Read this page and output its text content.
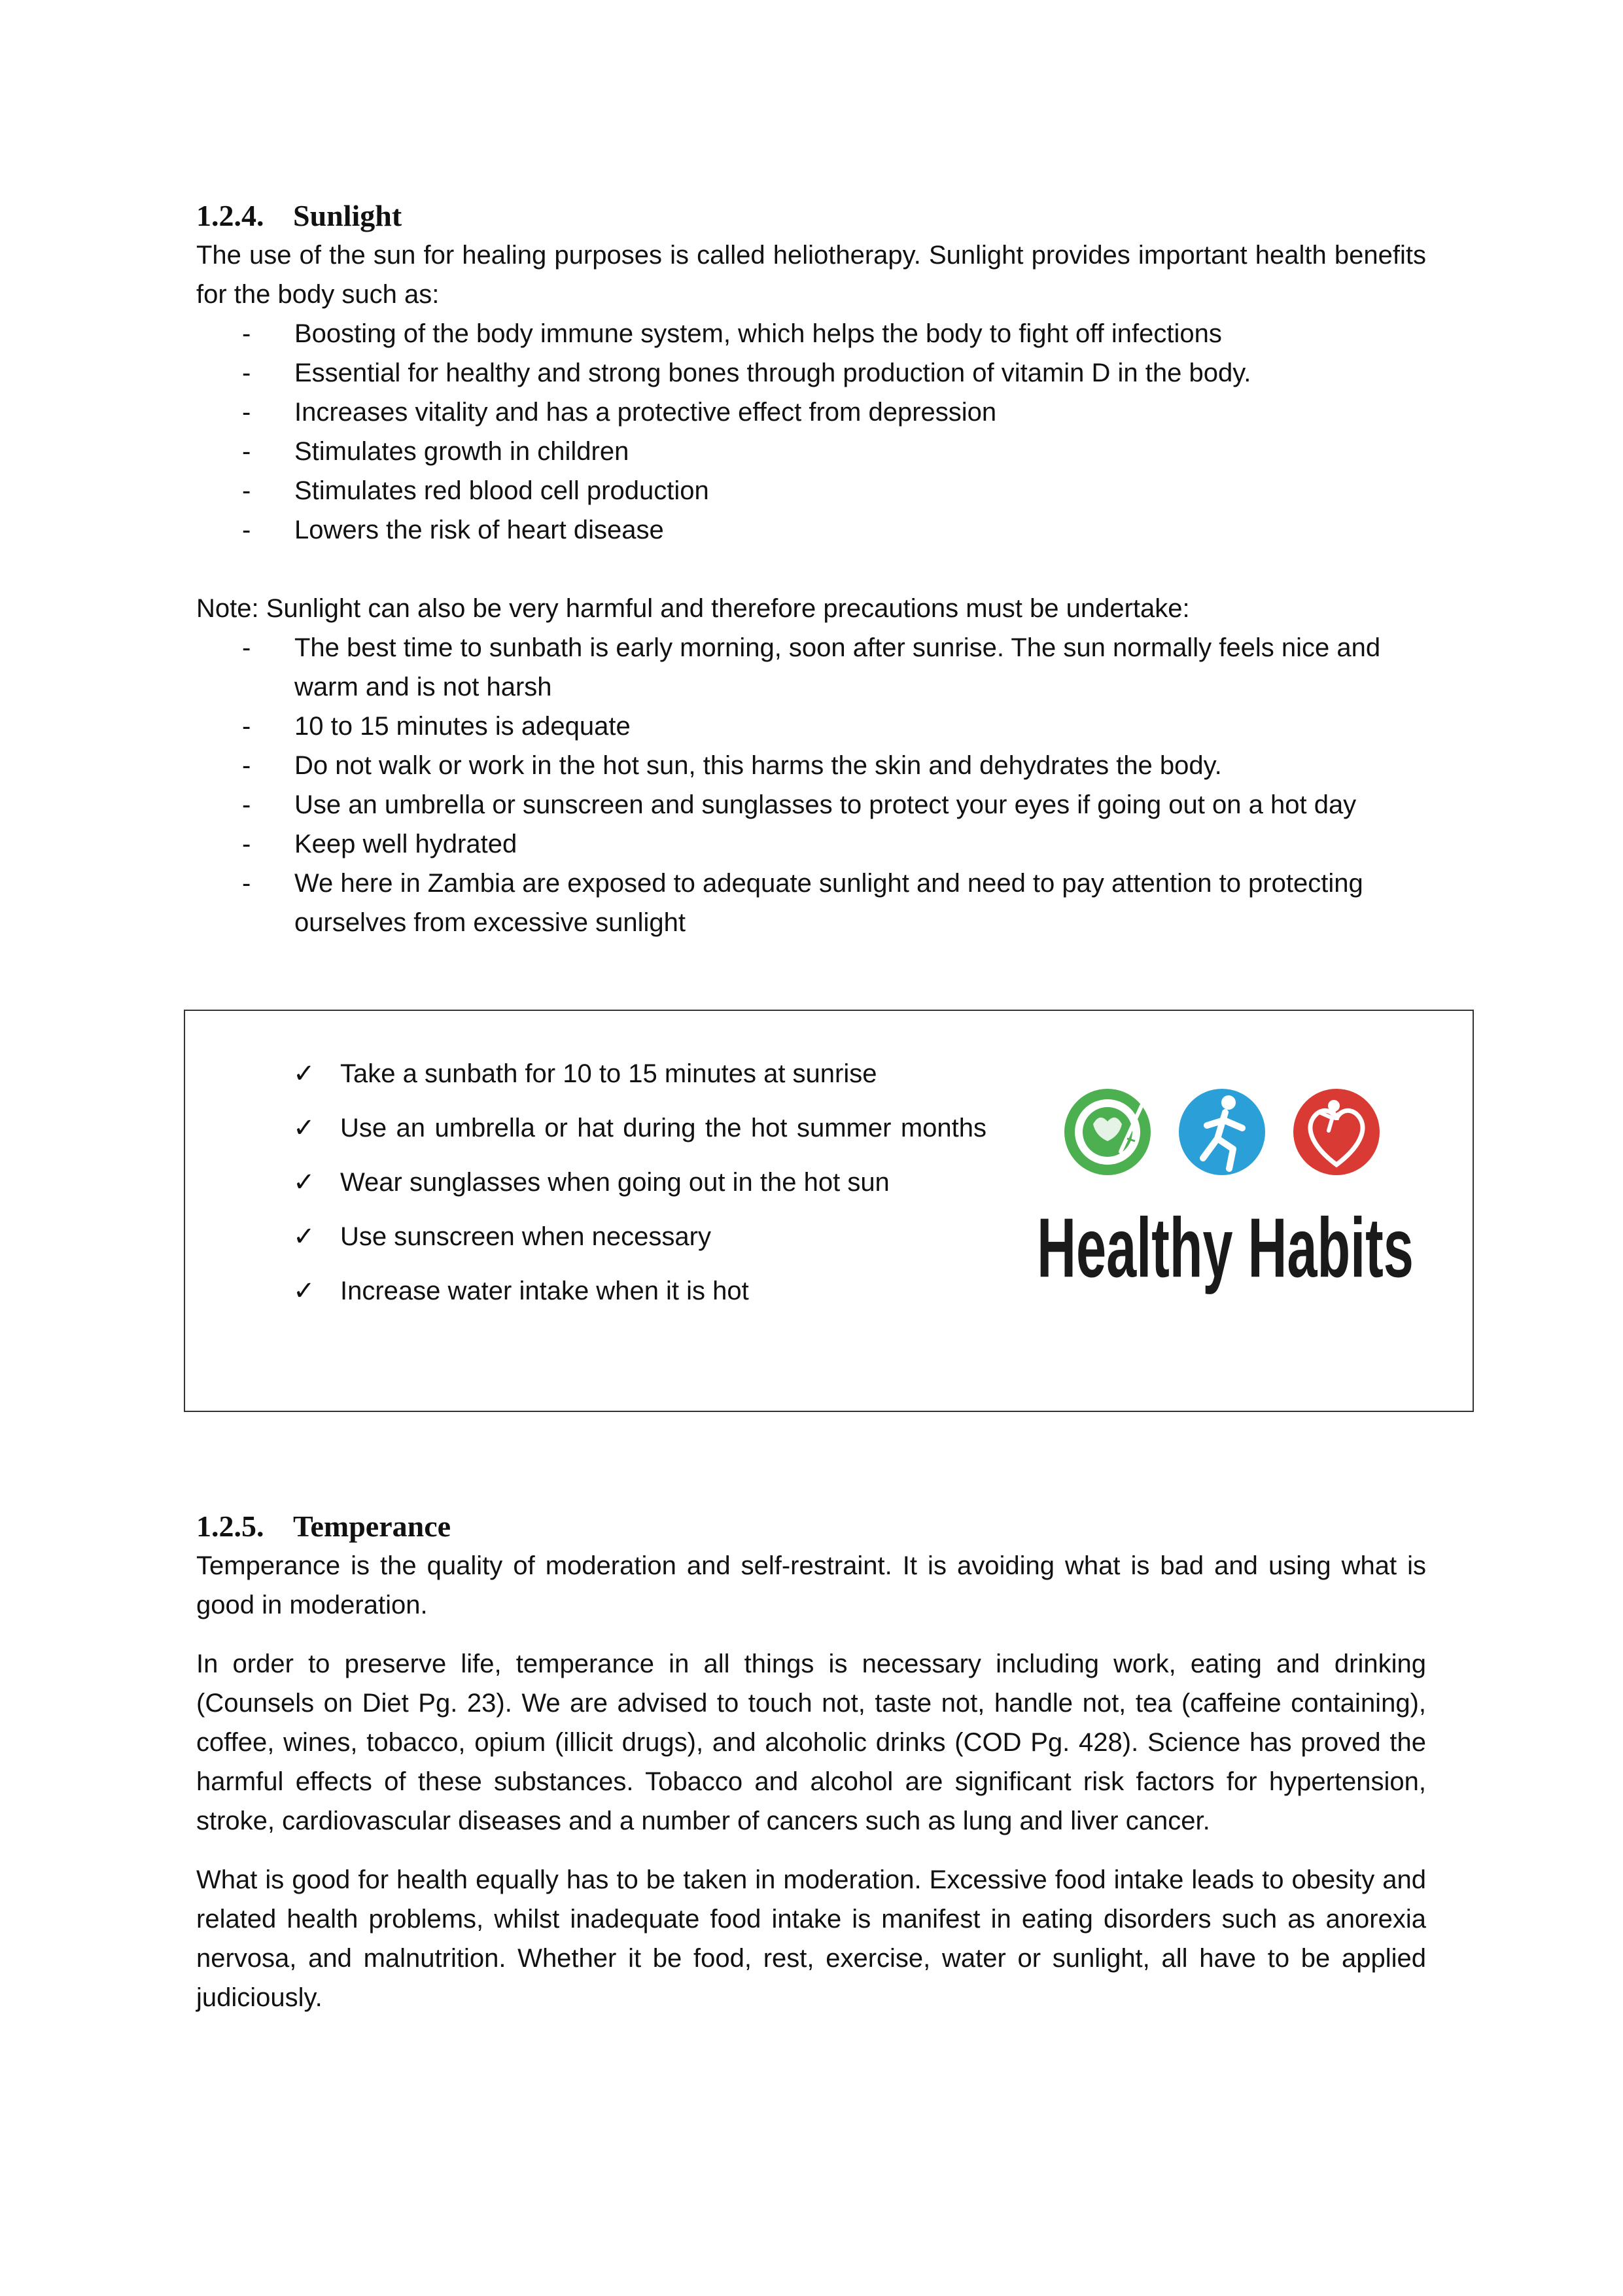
1.2.4. Sunlight

The use of the sun for healing purposes is called heliotherapy. Sunlight provides important health benefits for the body such as:

- Boosting of the body immune system, which helps the body to fight off infections
- Essential for healthy and strong bones through production of vitamin D in the body.
- Increases vitality and has a protective effect from depression
- Stimulates growth in children
- Stimulates red blood cell production
- Lowers the risk of heart disease

Note: Sunlight can also be very harmful and therefore precautions must be undertake:

- The best time to sunbath is early morning, soon after sunrise. The sun normally feels nice and warm and is not harsh
- 10 to 15 minutes is adequate
- Do not walk or work in the hot sun, this harms the skin and dehydrates the body.
- Use an umbrella or sunscreen and sunglasses to protect your eyes if going out on a hot day
- Keep well hydrated
- We here in Zambia are exposed to adequate sunlight and need to pay attention to protecting ourselves from excessive sunlight
1.2.5. Temperance

Temperance is the quality of moderation and self-restraint. It is avoiding what is bad and using what is good in moderation.

In order to preserve life, temperance in all things is necessary including work, eating and drinking (Counsels on Diet Pg. 23). We are advised to touch not, taste not, handle not, tea (caffeine containing), coffee, wines, tobacco, opium (illicit drugs), and alcoholic drinks (COD Pg. 428). Science has proved the harmful effects of these substances. Tobacco and alcohol are significant risk factors for hypertension, stroke, cardiovascular diseases and a number of cancers such as lung and liver cancer.

What is good for health equally has to be taken in moderation. Excessive food intake leads to obesity and related health problems, whilst inadequate food intake is manifest in eating disorders such as anorexia nervosa, and malnutrition. Whether it be food, rest, exercise, water or sunlight, all have to be applied judiciously.

✓ Take a sunbath for 10 to 15 minutes at sunrise
✓ Use an umbrella or hat during the hot summer months
✓ Wear sunglasses when going out in the hot sun
✓ Use sunscreen when necessary
✓ Increase water intake when it is hot	Healthy Habits
